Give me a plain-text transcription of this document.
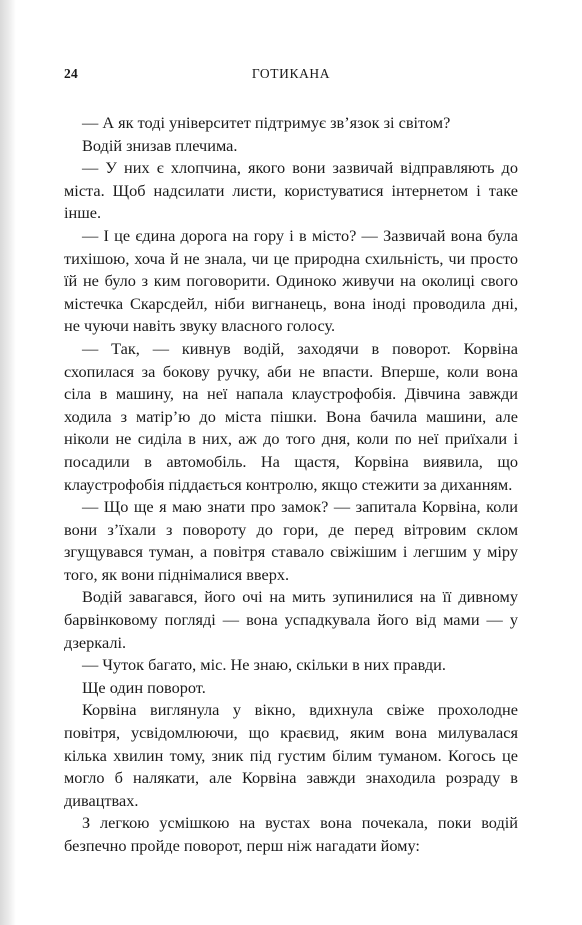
24	ГОТИКАНА

— А як тоді університет підтримує зв’язок зі світом?

Водій знизав плечима.

— У них є хлопчина, якого вони зазвичай відправляють до міста. Щоб надсилати листи, користуватися інтернетом і таке інше.

— І це єдина дорога на гору і в місто? — Зазвичай вона була тихішою, хоча й не знала, чи це природна схильність, чи просто їй не було з ким поговорити. Одиноко живучи на околиці свого містечка Скарсдейл, ніби вигнанець, вона іноді проводила дні, не чуючи навіть звуку власного голосу.

— Так, — кивнув водій, заходячи в поворот. Корвіна схопилася за бокову ручку, аби не впасти. Вперше, коли вона сіла в машину, на неї напала клаустрофобія. Дівчина завжди ходила з матір’ю до міста пішки. Вона бачила машини, але ніколи не сиділа в них, аж до того дня, коли по неї приїхали і посадили в автомобіль. На щастя, Корвіна виявила, що клаустрофобія піддається контролю, якщо стежити за диханням.

— Що ще я маю знати про замок? — запитала Корвіна, коли вони з’їхали з повороту до гори, де перед вітровим склом згущувався туман, а повітря ставало свіжішим і легшим у міру того, як вони піднімалися вверх.

Водій завагався, його очі на мить зупинилися на її дивному барвінковому погляді — вона успадкувала його від мами — у дзеркалі.

— Чуток багато, міс. Не знаю, скільки в них правди.

Ще один поворот.

Корвіна виглянула у вікно, вдихнула свіже прохолодне повітря, усвідомлюючи, що краєвид, яким вона милувалася кілька хвилин тому, зник під густим білим туманом. Когось це могло б налякати, але Корвіна завжди знаходила розраду в дивацтвах.

З легкою усмішкою на вустах вона почекала, поки водій безпечно пройде поворот, перш ніж нагадати йому:
